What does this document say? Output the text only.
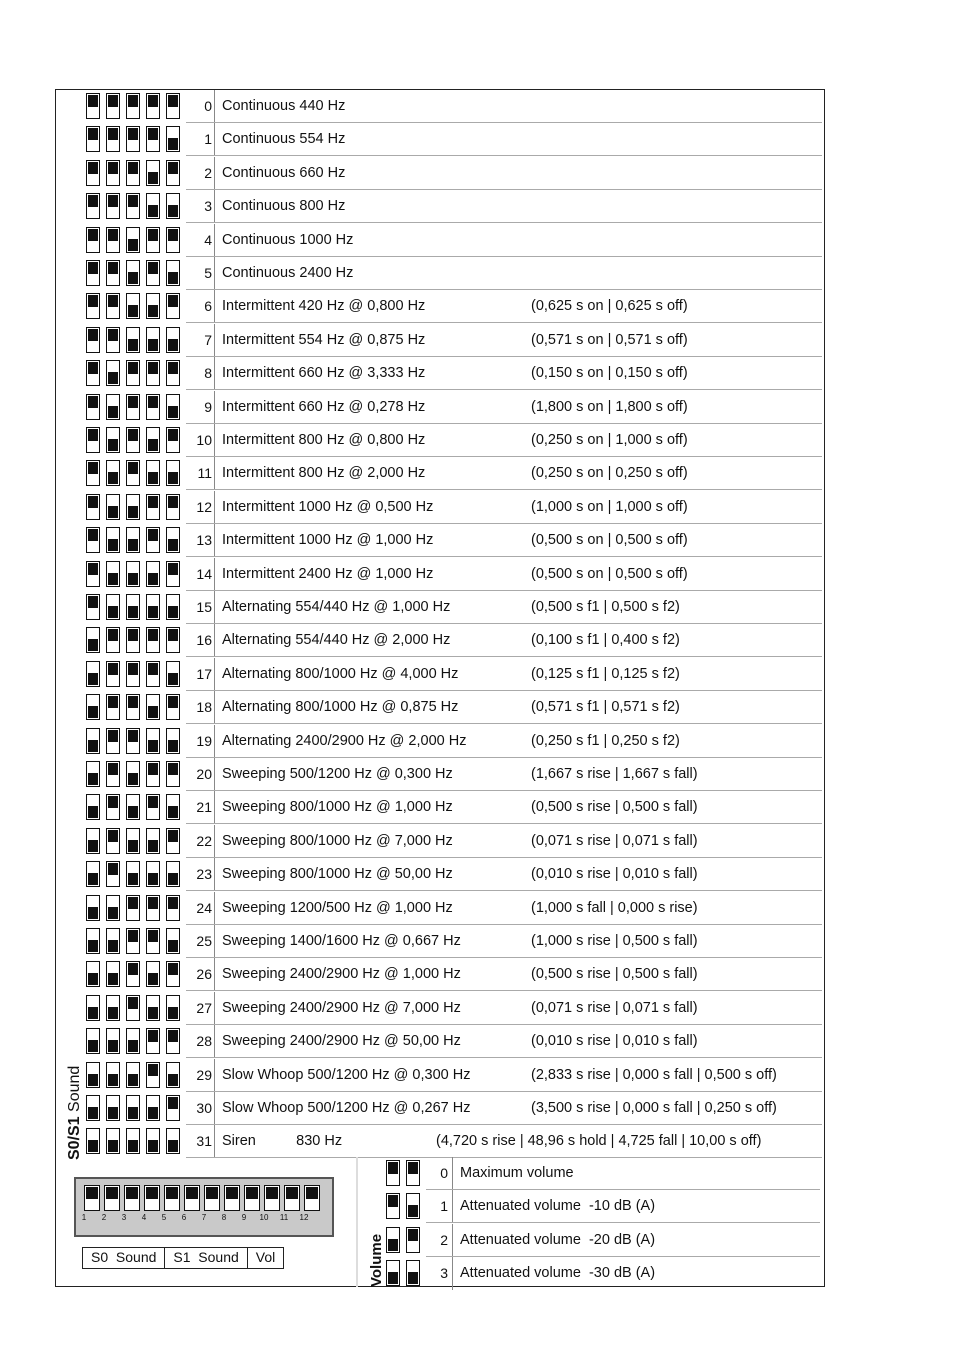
0 Continuous 440 Hz
1 Continuous 554 Hz
2 Continuous 660 Hz
3 Continuous 800 Hz
4 Continuous 1000 Hz
5 Continuous 2400 Hz
6 Intermittent 420 Hz @ 0,800 Hz	(0,625 s on | 0,625 s off)
7 Intermittent 554 Hz @ 0,875 Hz	(0,571 s on | 0,571 s off)
8 Intermittent 660 Hz @ 3,333 Hz	(0,150 s on | 0,150 s off)
9 Intermittent 660 Hz @ 0,278 Hz	(1,800 s on | 1,800 s off)
10 Intermittent 800 Hz @ 0,800 Hz	(0,250 s on | 1,000 s off)
11 Intermittent 800 Hz @ 2,000 Hz	(0,250 s on | 0,250 s off)
12 Intermittent 1000 Hz @ 0,500 Hz	(1,000 s on | 1,000 s off)
13 Intermittent 1000 Hz @ 1,000 Hz	(0,500 s on | 0,500 s off)
14 Intermittent 2400 Hz @ 1,000 Hz	(0,500 s on | 0,500 s off)
15 Alternating 554/440 Hz @ 1,000 Hz	(0,500 s f1 | 0,500 s f2)
16 Alternating 554/440 Hz @ 2,000 Hz	(0,100 s f1 | 0,400 s f2)
17 Alternating 800/1000 Hz @ 4,000 Hz	(0,125 s f1 | 0,125 s f2)
18 Alternating 800/1000 Hz @ 0,875 Hz	(0,571 s f1 | 0,571 s f2)
19 Alternating 2400/2900 Hz @ 2,000 Hz	(0,250 s f1 | 0,250 s f2)
20 Sweeping 500/1200 Hz @ 0,300 Hz	(1,667 s rise | 1,667 s fall)
21 Sweeping 800/1000 Hz @ 1,000 Hz	(0,500 s rise | 0,500 s fall)
22 Sweeping 800/1000 Hz @ 7,000 Hz	(0,071 s rise | 0,071 s fall)
23 Sweeping 800/1000 Hz @ 50,00 Hz	(0,010 s rise | 0,010 s fall)
24 Sweeping 1200/500 Hz @ 1,000 Hz	(1,000 s fall | 0,000 s rise)
25 Sweeping 1400/1600 Hz @ 0,667 Hz	(1,000 s rise | 0,500 s fall)
26 Sweeping 2400/2900 Hz @ 1,000 Hz	(0,500 s rise | 0,500 s fall)
27 Sweeping 2400/2900 Hz @ 7,000 Hz	(0,071 s rise | 0,071 s fall)
28 Sweeping 2400/2900 Hz @ 50,00 Hz	(0,010 s rise | 0,010 s fall)
29 Slow Whoop 500/1200 Hz @ 0,300 Hz	(2,833 s rise | 0,000 s fall | 0,500 s off)
30 Slow Whoop 500/1200 Hz @ 0,267 Hz	(3,500 s rise | 0,000 s fall | 0,250 s off)
31 Siren          830 Hz	(4,720 s rise | 48,96 s hold | 4,725 fall | 10,00 s off)
S0/S1 Sound
1	2	3	4	5	6	7	8	9	10	11	12
S0  Sound	S1  Sound	Vol	Volume
0 Maximum volume
1 Attenuated volume  -10 dB (A)
2 Attenuated volume  -20 dB (A)
3 Attenuated volume  -30 dB (A)
